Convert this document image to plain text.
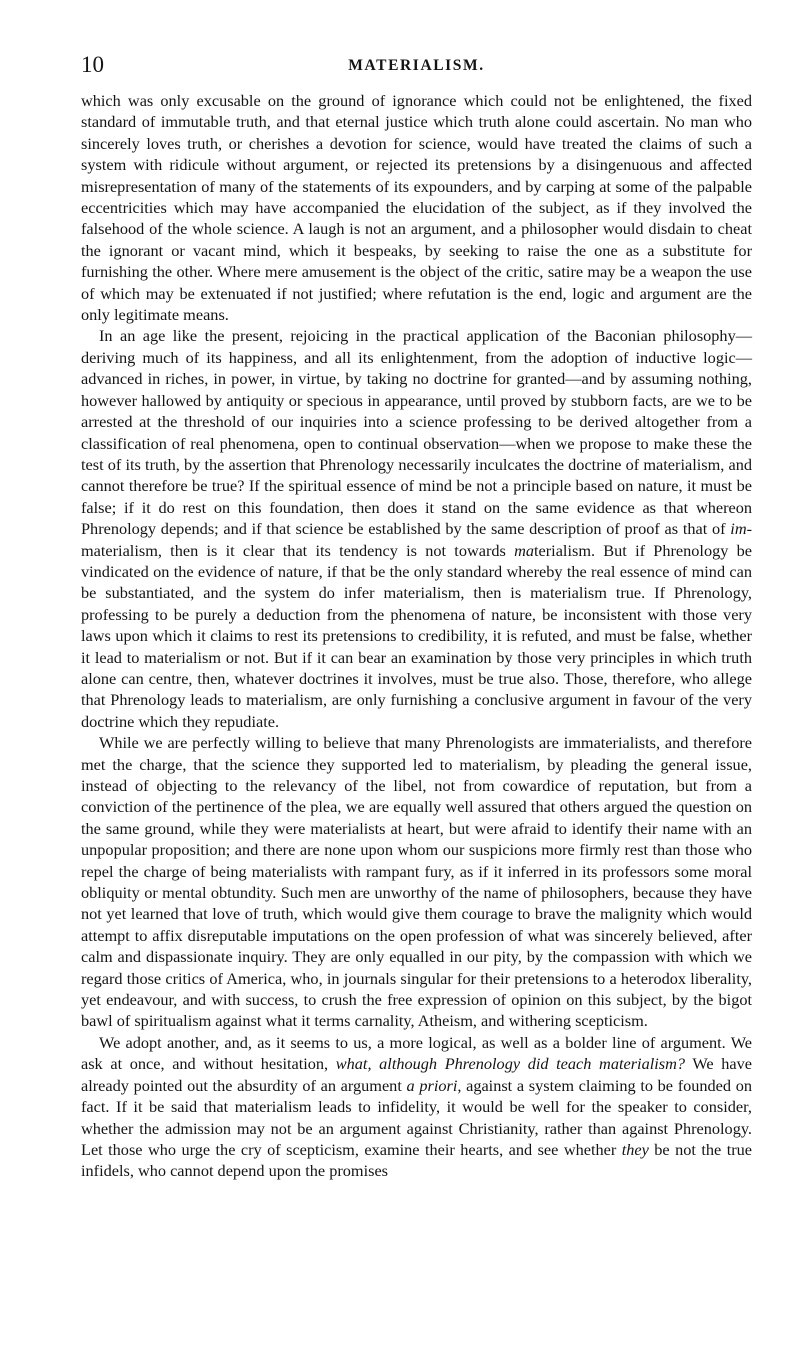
10	MATERIALISM.

which was only excusable on the ground of ignorance which could not be enlightened, the fixed standard of immutable truth, and that eternal justice which truth alone could ascertain. No man who sincerely loves truth, or cherishes a devotion for science, would have treated the claims of such a system with ridicule without argument, or rejected its pretensions by a disingenuous and affected misrepresentation of many of the statements of its expounders, and by carping at some of the palpable eccentricities which may have accompanied the elucidation of the subject, as if they involved the falsehood of the whole science. A laugh is not an argument, and a philosopher would disdain to cheat the ignorant or vacant mind, which it bespeaks, by seeking to raise the one as a substitute for furnishing the other. Where mere amusement is the object of the critic, satire may be a weapon the use of which may be extenuated if not justified; where refutation is the end, logic and argument are the only legitimate means.

In an age like the present, rejoicing in the practical application of the Baconian philosophy—deriving much of its happiness, and all its enlightenment, from the adoption of inductive logic—advanced in riches, in power, in virtue, by taking no doctrine for granted—and by assuming nothing, however hallowed by antiquity or specious in appearance, until proved by stubborn facts, are we to be arrested at the threshold of our inquiries into a science professing to be derived altogether from a classification of real phenomena, open to continual observation—when we propose to make these the test of its truth, by the assertion that Phrenology necessarily inculcates the doctrine of materialism, and cannot therefore be true? If the spiritual essence of mind be not a principle based on nature, it must be false; if it do rest on this foundation, then does it stand on the same evidence as that whereon Phrenology depends; and if that science be established by the same description of proof as that of im-materialism, then is it clear that its tendency is not towards materialism. But if Phrenology be vindicated on the evidence of nature, if that be the only standard whereby the real essence of mind can be substantiated, and the system do infer materialism, then is materialism true. If Phrenology, professing to be purely a deduction from the phenomena of nature, be inconsistent with those very laws upon which it claims to rest its pretensions to credibility, it is refuted, and must be false, whether it lead to materialism or not. But if it can bear an examination by those very principles in which truth alone can centre, then, whatever doctrines it involves, must be true also. Those, therefore, who allege that Phrenology leads to materialism, are only furnishing a conclusive argument in favour of the very doctrine which they repudiate.

While we are perfectly willing to believe that many Phrenologists are immaterialists, and therefore met the charge, that the science they supported led to materialism, by pleading the general issue, instead of objecting to the relevancy of the libel, not from cowardice of reputation, but from a conviction of the pertinence of the plea, we are equally well assured that others argued the question on the same ground, while they were materialists at heart, but were afraid to identify their name with an unpopular proposition; and there are none upon whom our suspicions more firmly rest than those who repel the charge of being materialists with rampant fury, as if it inferred in its professors some moral obliquity or mental obtundity. Such men are unworthy of the name of philosophers, because they have not yet learned that love of truth, which would give them courage to brave the malignity which would attempt to affix disreputable imputations on the open profession of what was sincerely believed, after calm and dispassionate inquiry. They are only equalled in our pity, by the compassion with which we regard those critics of America, who, in journals singular for their pretensions to a heterodox liberality, yet endeavour, and with success, to crush the free expression of opinion on this subject, by the bigot bawl of spiritualism against what it terms carnality, Atheism, and withering scepticism.

We adopt another, and, as it seems to us, a more logical, as well as a bolder line of argument. We ask at once, and without hesitation, what, although Phrenology did teach materialism? We have already pointed out the absurdity of an argument a priori, against a system claiming to be founded on fact. If it be said that materialism leads to infidelity, it would be well for the speaker to consider, whether the admission may not be an argument against Christianity, rather than against Phrenology. Let those who urge the cry of scepticism, examine their hearts, and see whether they be not the true infidels, who cannot depend upon the promises
